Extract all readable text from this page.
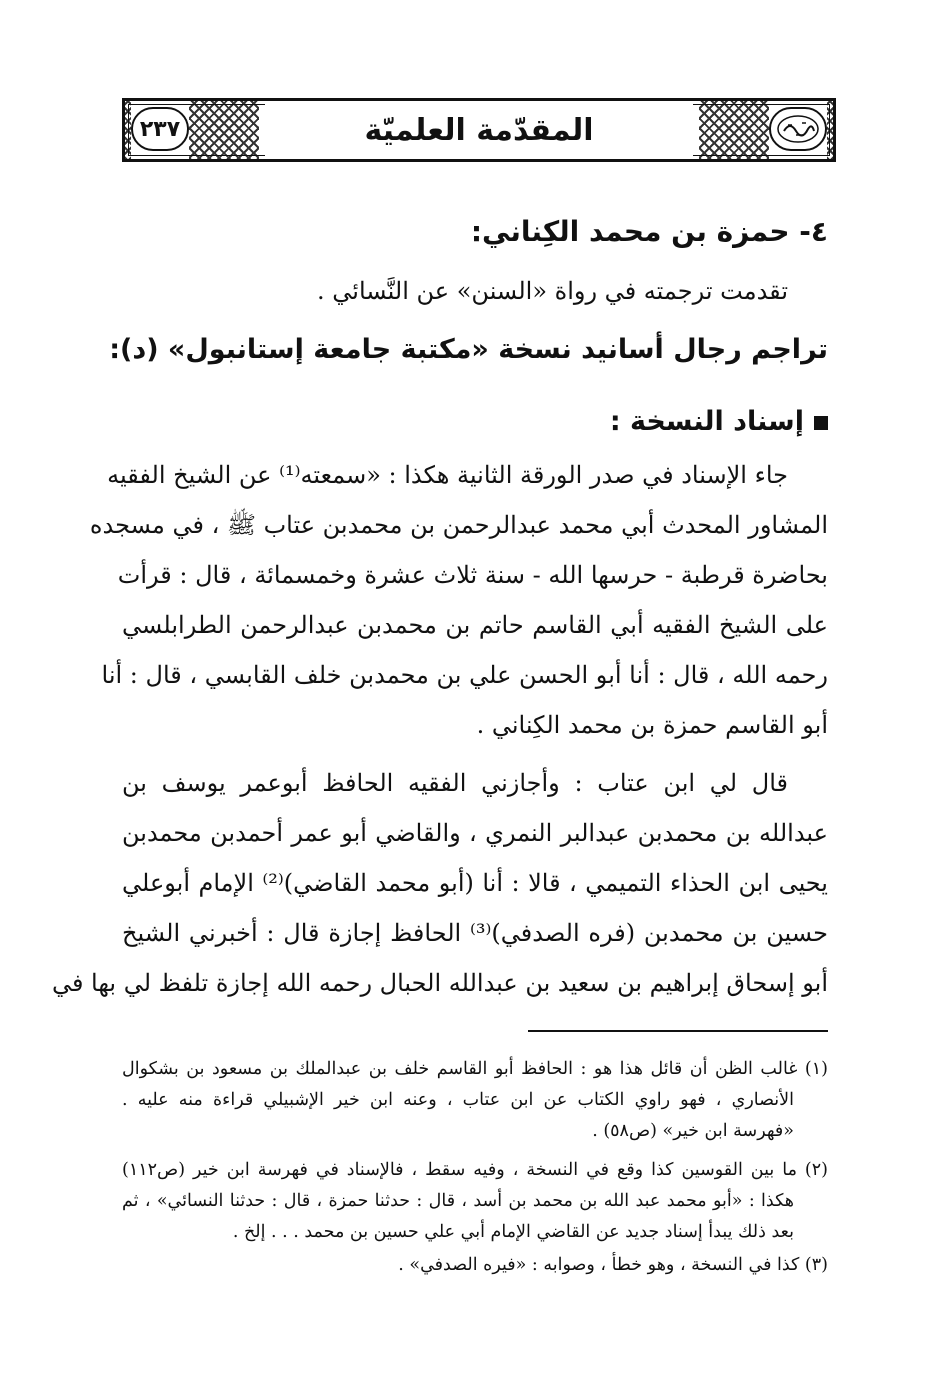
٢٣٧	المقدّمة العلميّة
٤- حمزة بن محمد الكِناني:
تقدمت ترجمته في رواة «السنن» عن النَّسائي .
تراجم رجال أسانيد نسخة «مكتبة جامعة إستانبول» (د):
إسناد النسخة :
جاء الإسناد في صدر الورقة الثانية هكذا : «سمعته⁽¹⁾ عن الشيخ الفقيه
المشاور المحدث أبي محمد عبدالرحمن بن محمدبن عتاب ﷺ ، في مسجده
بحاضرة قرطبة - حرسها الله - سنة ثلاث عشرة وخمسمائة ، قال : قرأت
على الشيخ الفقيه أبي القاسم حاتم بن محمدبن عبدالرحمن الطرابلسي
رحمه الله ، قال : أنا أبو الحسن علي بن محمدبن خلف القابسي ، قال : أنا
أبو القاسم حمزة بن محمد الكِناني .
قال لي ابن عتاب : وأجازني الفقيه الحافظ أبوعمر يوسف بن
عبدالله بن محمدبن عبدالبر النمري ، والقاضي أبو عمر أحمدبن محمدبن
يحيى ابن الحذاء التميمي ، قالا : أنا (أبو محمد القاضي)⁽²⁾ الإمام أبوعلي
حسين بن محمدبن (فره الصدفي)⁽³⁾ الحافظ إجازة قال : أخبرني الشيخ
أبو إسحاق إبراهيم بن سعيد بن عبدالله الحبال رحمه الله إجازة تلفظ لي بها في
(١) غالب الظن أن قائل هذا هو : الحافظ أبو القاسم خلف بن عبدالملك بن مسعود بن بشكوال
الأنصاري ، فهو راوي الكتاب عن ابن عتاب ، وعنه ابن خير الإشبيلي قراءة منه عليه .
«فهرسة ابن خير» (ص٥٨) .
(٢) ما بين القوسين كذا وقع في النسخة ، وفيه سقط ، فالإسناد في فهرسة ابن خير (ص١١٢)
هكذا : «أبو محمد عبد الله بن محمد بن أسد ، قال : حدثنا حمزة ، قال : حدثنا النسائي» ، ثم
بعد ذلك يبدأ إسناد جديد عن القاضي الإمام أبي علي حسين بن محمد . . . إلخ .
(٣) كذا في النسخة ، وهو خطأ ، وصوابه : «فيره الصدفي» .
